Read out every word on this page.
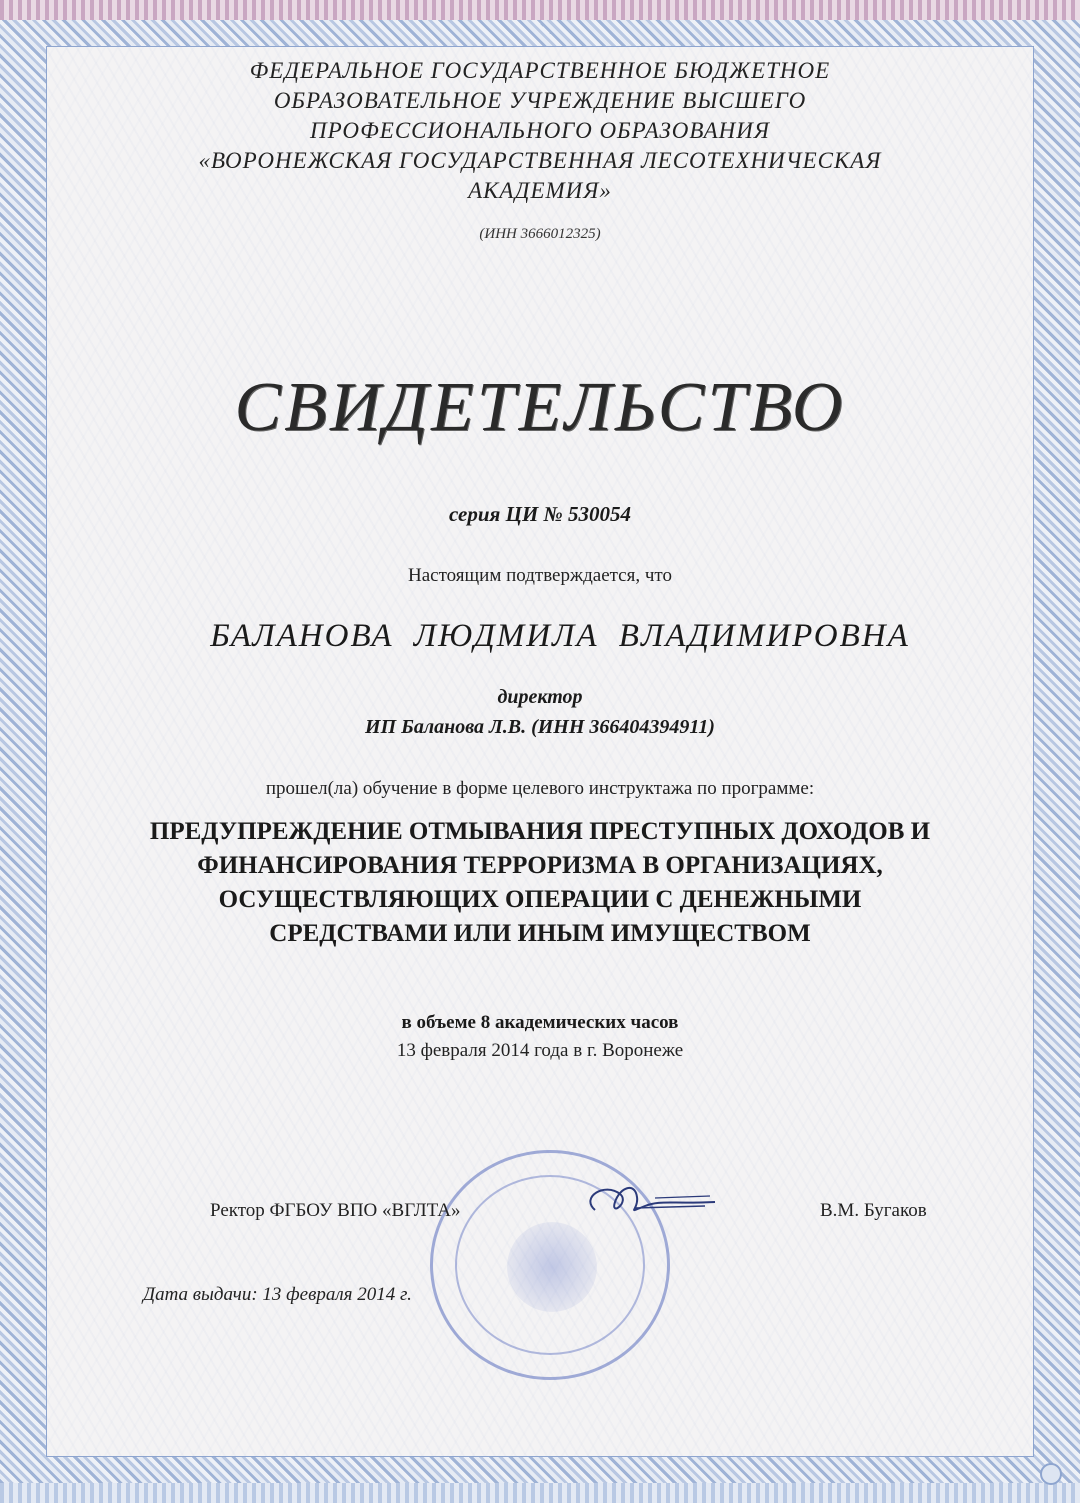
ФЕДЕРАЛЬНОЕ ГОСУДАРСТВЕННОЕ БЮДЖЕТНОЕ
ОБРАЗОВАТЕЛЬНОЕ УЧРЕЖДЕНИЕ ВЫСШЕГО
ПРОФЕССИОНАЛЬНОГО ОБРАЗОВАНИЯ
«ВОРОНЕЖСКАЯ ГОСУДАРСТВЕННАЯ ЛЕСОТЕХНИЧЕСКАЯ
АКАДЕМИЯ»
(ИНН 3666012325)
СВИДЕТЕЛЬСТВО
серия ЦИ № 530054
Настоящим подтверждается, что
БАЛАНОВА ЛЮДМИЛА ВЛАДИМИРОВНА
директор
ИП Баланова Л.В. (ИНН 366404394911)
прошел(ла) обучение в форме целевого инструктажа по программе:
ПРЕДУПРЕЖДЕНИЕ ОТМЫВАНИЯ ПРЕСТУПНЫХ ДОХОДОВ И
ФИНАНСИРОВАНИЯ ТЕРРОРИЗМА В ОРГАНИЗАЦИЯХ,
ОСУЩЕСТВЛЯЮЩИХ ОПЕРАЦИИ С ДЕНЕЖНЫМИ
СРЕДСТВАМИ ИЛИ ИНЫМ ИМУЩЕСТВОМ
в объеме 8 академических часов
13 февраля 2014 года в г. Воронеже
Ректор ФГБОУ ВПО «ВГЛТА»	В.М. Бугаков
Дата выдачи: 13 февраля 2014 г.
